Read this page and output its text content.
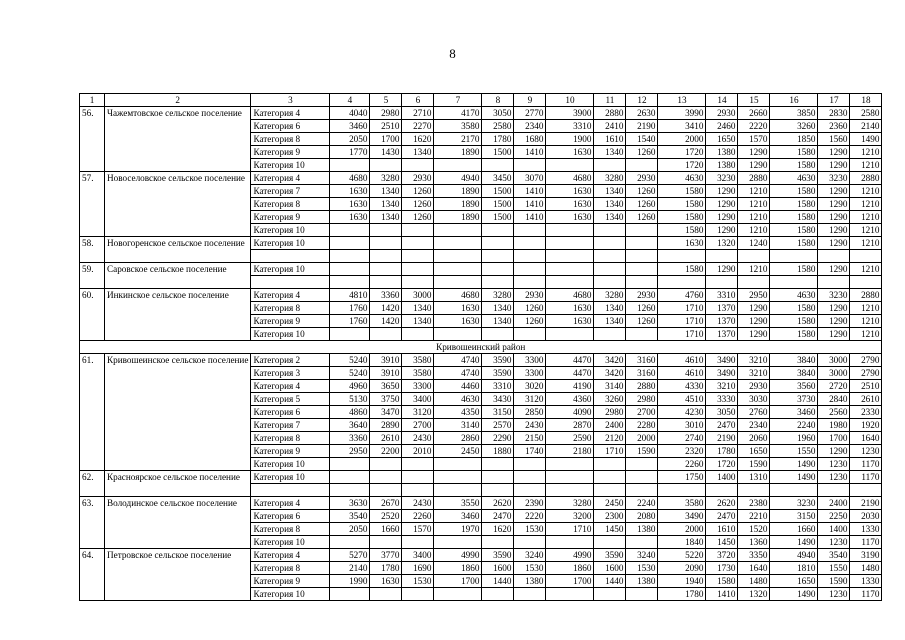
8
1	2	3	4	5	6	7	8	9	10	11	12	13	14	15	16	17	18
56.	Чажемтовское сельское поселение	Категория 4	4040	2980	2710	4170	3050	2770	3900	2880	2630	3990	2930	2660	3850	2830	2580
		Категория 6	3460	2510	2270	3580	2580	2340	3310	2410	2190	3410	2460	2220	3260	2360	2140
		Категория 8	2050	1700	1620	2170	1780	1680	1900	1610	1540	2000	1650	1570	1850	1560	1490
		Категория 9	1770	1430	1340	1890	1500	1410	1630	1340	1260	1720	1380	1290	1580	1290	1210
		Категория 10										1720	1380	1290	1580	1290	1210
57.	Новоселовское сельское поселение	Категория 4	4680	3280	2930	4940	3450	3070	4680	3280	2930	4630	3230	2880	4630	3230	2880
		Категория 7	1630	1340	1260	1890	1500	1410	1630	1340	1260	1580	1290	1210	1580	1290	1210
		Категория 8	1630	1340	1260	1890	1500	1410	1630	1340	1260	1580	1290	1210	1580	1290	1210
		Категория 9	1630	1340	1260	1890	1500	1410	1630	1340	1260	1580	1290	1210	1580	1290	1210
		Категория 10										1580	1290	1210	1580	1290	1210
58.	Новогоренское сельское поселение	Категория 10										1630	1320	1240	1580	1290	1210

59.	Саровское сельское поселение	Категория 10										1580	1290	1210	1580	1290	1210

60.	Инкинское сельское поселение	Категория 4	4810	3360	3000	4680	3280	2930	4680	3280	2930	4760	3310	2950	4630	3230	2880
		Категория 8	1760	1420	1340	1630	1340	1260	1630	1340	1260	1710	1370	1290	1580	1290	1210
		Категория 9	1760	1420	1340	1630	1340	1260	1630	1340	1260	1710	1370	1290	1580	1290	1210
		Категория 10										1710	1370	1290	1580	1290	1210
Кривошеинский район																	
61.	Кривошеинское сельское поселение	Категория 2	5240	3910	3580	4740	3590	3300	4470	3420	3160	4610	3490	3210	3840	3000	2790
		Категория 3	5240	3910	3580	4740	3590	3300	4470	3420	3160	4610	3490	3210	3840	3000	2790
		Категория 4	4960	3650	3300	4460	3310	3020	4190	3140	2880	4330	3210	2930	3560	2720	2510
		Категория 5	5130	3750	3400	4630	3430	3120	4360	3260	2980	4510	3330	3030	3730	2840	2610
		Категория 6	4860	3470	3120	4350	3150	2850	4090	2980	2700	4230	3050	2760	3460	2560	2330
		Категория 7	3640	2890	2700	3140	2570	2430	2870	2400	2280	3010	2470	2340	2240	1980	1920
		Категория 8	3360	2610	2430	2860	2290	2150	2590	2120	2000	2740	2190	2060	1960	1700	1640
		Категория 9	2950	2200	2010	2450	1880	1740	2180	1710	1590	2320	1780	1650	1550	1290	1230
		Категория 10										2260	1720	1590	1490	1230	1170
62.	Красноярское сельское поселение	Категория 10										1750	1400	1310	1490	1230	1170

63.	Володинское сельское поселение	Категория 4	3630	2670	2430	3550	2620	2390	3280	2450	2240	3580	2620	2380	3230	2400	2190
		Категория 6	3540	2520	2260	3460	2470	2220	3200	2300	2080	3490	2470	2210	3150	2250	2030
		Категория 8	2050	1660	1570	1970	1620	1530	1710	1450	1380	2000	1610	1520	1660	1400	1330
		Категория 10										1840	1450	1360	1490	1230	1170
64.	Петровское сельское поселение	Категория 4	5270	3770	3400	4990	3590	3240	4990	3590	3240	5220	3720	3350	4940	3540	3190
		Категория 8	2140	1780	1690	1860	1600	1530	1860	1600	1530	2090	1730	1640	1810	1550	1480
		Категория 9	1990	1630	1530	1700	1440	1380	1700	1440	1380	1940	1580	1480	1650	1590	1330
		Категория 10										1780	1410	1320	1490	1230	1170
